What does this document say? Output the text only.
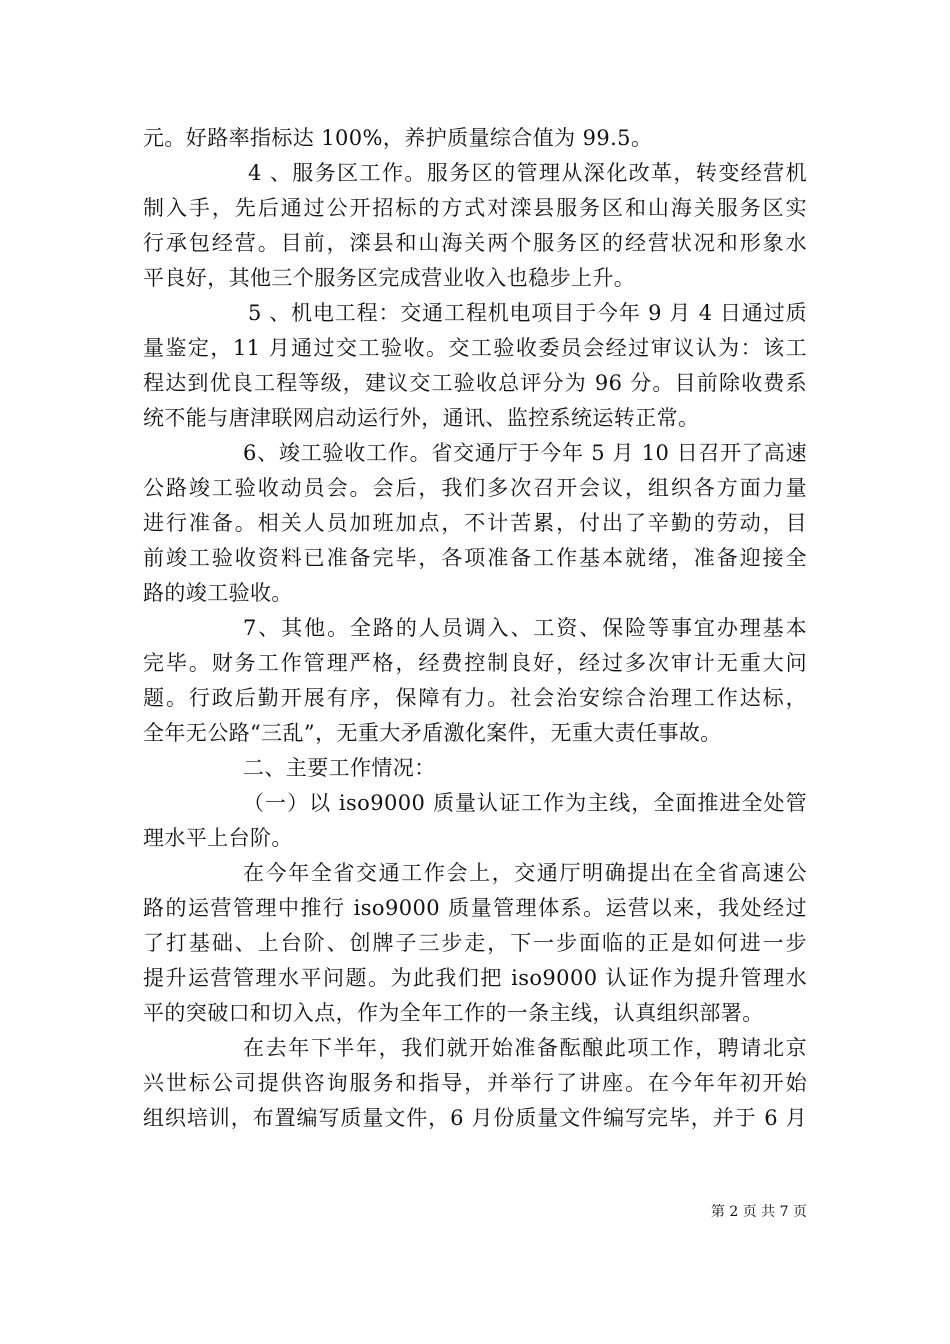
元。好路率指标达 100%，养护质量综合值为 99.5。
4 、服务区工作。服务区的管理从深化改革，转变经营机
制入手，先后通过公开招标的方式对滦县服务区和山海关服务区实
行承包经营。目前，滦县和山海关两个服务区的经营状况和形象水
平良好，其他三个服务区完成营业收入也稳步上升。
5 、机电工程：交通工程机电项目于今年 9 月 4 日通过质
量鉴定，11 月通过交工验收。交工验收委员会经过审议认为：该工
程达到优良工程等级，建议交工验收总评分为 96 分。目前除收费系
统不能与唐津联网启动运行外，通讯、监控系统运转正常。
6、竣工验收工作。省交通厅于今年 5 月 10 日召开了高速
公路竣工验收动员会。会后，我们多次召开会议，组织各方面力量
进行准备。相关人员加班加点，不计苦累，付出了辛勤的劳动，目
前竣工验收资料已准备完毕，各项准备工作基本就绪，准备迎接全
路的竣工验收。
7、其他。全路的人员调入、工资、保险等事宜办理基本
完毕。财务工作管理严格，经费控制良好，经过多次审计无重大问
题。行政后勤开展有序，保障有力。社会治安综合治理工作达标，
全年无公路“三乱”，无重大矛盾激化案件，无重大责任事故。
二、主要工作情况：
（一）以 iso9000 质量认证工作为主线，全面推进全处管
理水平上台阶。
在今年全省交通工作会上，交通厅明确提出在全省高速公
路的运营管理中推行 iso9000 质量管理体系。运营以来，我处经过
了打基础、上台阶、创牌子三步走，下一步面临的正是如何进一步
提升运营管理水平问题。为此我们把 iso9000 认证作为提升管理水
平的突破口和切入点，作为全年工作的一条主线，认真组织部署。
在去年下半年，我们就开始准备酝酿此项工作，聘请北京
兴世标公司提供咨询服务和指导，并举行了讲座。在今年年初开始
组织培训，布置编写质量文件，6 月份质量文件编写完毕，并于 6 月
第 2 页 共 7 页
